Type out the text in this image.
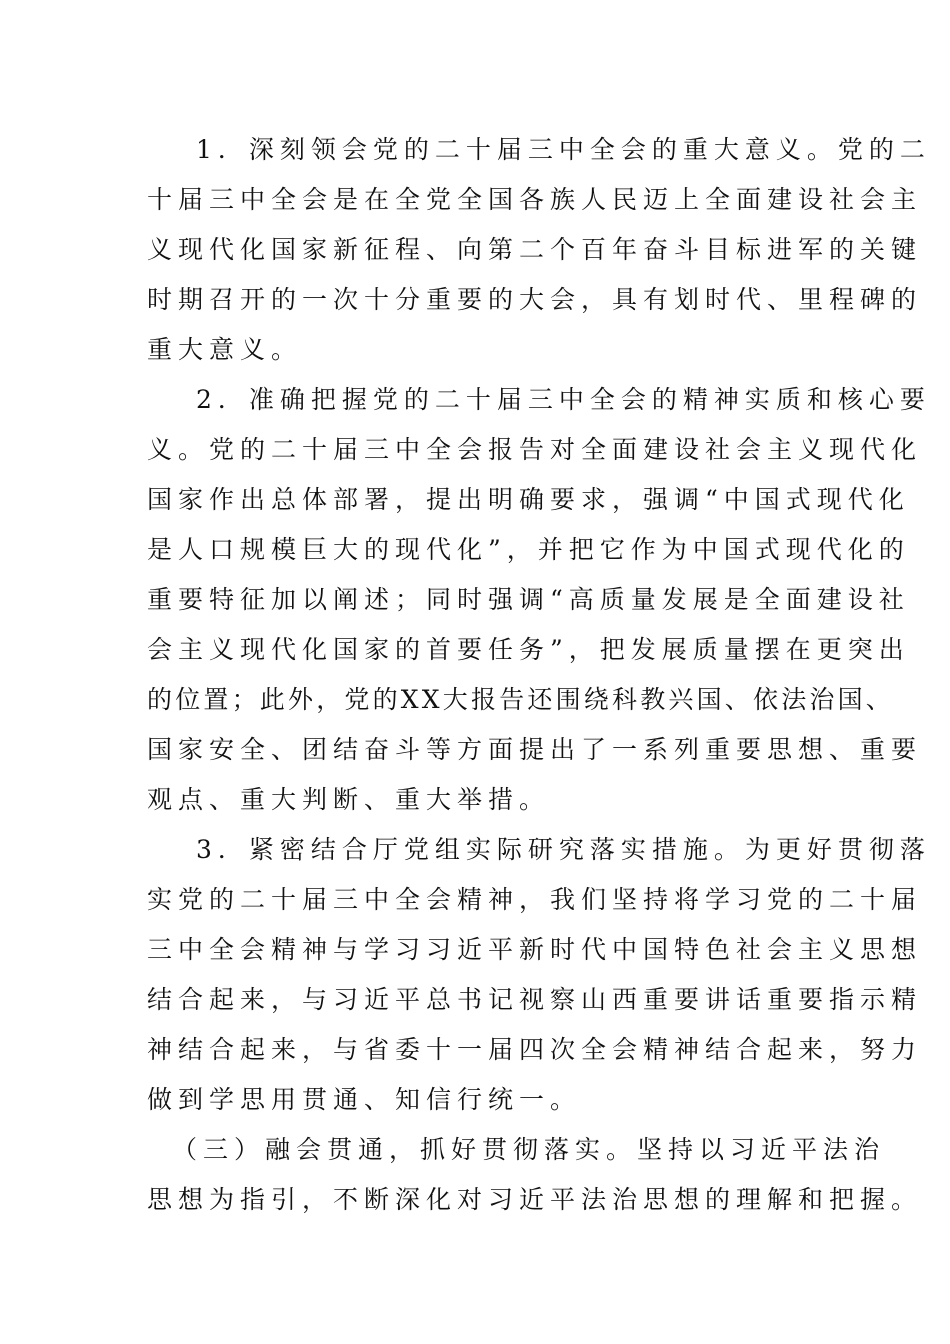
1．深刻领会党的二十届三中全会的重大意义。党的二
十届三中全会是在全党全国各族人民迈上全面建设社会主
义现代化国家新征程、向第二个百年奋斗目标进军的关键
时期召开的一次十分重要的大会，具有划时代、里程碑的
重大意义。
2．准确把握党的二十届三中全会的精神实质和核心要
义。党的二十届三中全会报告对全面建设社会主义现代化
国家作出总体部署，提出明确要求，强调“中国式现代化
是人口规模巨大的现代化”，并把它作为中国式现代化的
重要特征加以阐述；同时强调“高质量发展是全面建设社
会主义现代化国家的首要任务”，把发展质量摆在更突出
的位置；此外，党的XX大报告还围绕科教兴国、依法治国、
国家安全、团结奋斗等方面提出了一系列重要思想、重要
观点、重大判断、重大举措。
3．紧密结合厅党组实际研究落实措施。为更好贯彻落
实党的二十届三中全会精神，我们坚持将学习党的二十届
三中全会精神与学习习近平新时代中国特色社会主义思想
结合起来，与习近平总书记视察山西重要讲话重要指示精
神结合起来，与省委十一届四次全会精神结合起来，努力
做到学思用贯通、知信行统一。
（三）融会贯通，抓好贯彻落实。坚持以习近平法治
思想为指引，不断深化对习近平法治思想的理解和把握。
